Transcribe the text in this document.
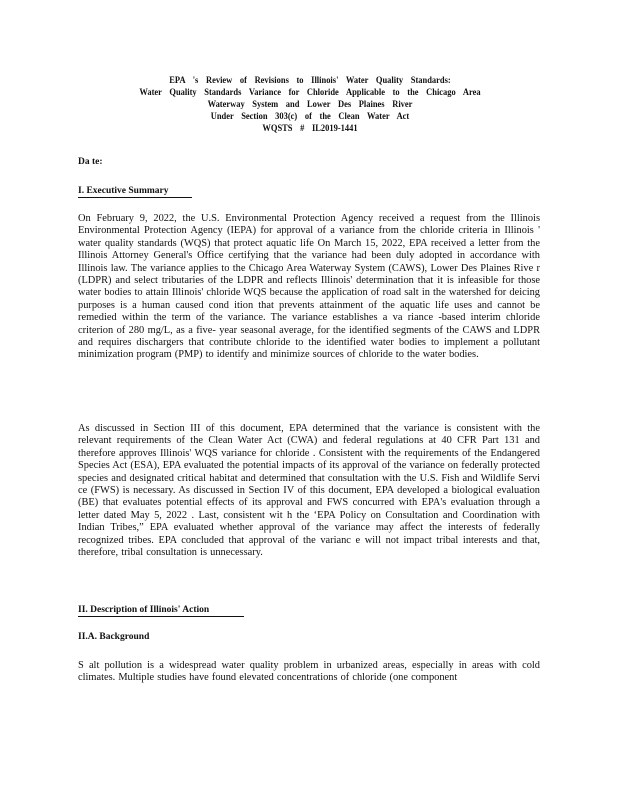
EPA 's Review of Revisions to Illinois' Water Quality Standards:
Water Quality Standards Variance for Chloride Applicable to the Chicago Area
Waterway System and Lower Des Plaines River
Under Section 303(c) of the Clean Water Act
WQSTS # IL2019-1441
Da te:
I. Executive Summary
On February 9, 2022, the U.S. Environmental Protection Agency received a request from the Illinois Environmental Protection Agency (IEPA) for approval of a variance from the chloride criteria in Illinois ' water quality standards (WQS) that protect aquatic life On March 15, 2022, EPA received a letter from the Illinois Attorney General's Office certifying that the variance had been duly adopted in accordance with Illinois law. The variance applies to the Chicago Area Waterway System (CAWS), Lower Des Plaines Rive r (LDPR) and select tributaries of the LDPR and reflects Illinois' determination that it is infeasible for those water bodies to attain Illinois' chloride WQS because the application of road salt in the watershed for deicing purposes is a human caused cond ition that prevents attainment of the aquatic life uses and cannot be remedied within the term of the variance. The variance establishes a va riance -based interim chloride criterion of 280 mg/L, as a five- year seasonal average, for the identified segments of the CAWS and LDPR and requires dischargers that contribute chloride to the identified water bodies to implement a pollutant minimization program (PMP) to identify and minimize sources of chloride to the water bodies.
As discussed in Section III of this document, EPA determined that the variance is consistent with the relevant requirements of the Clean Water Act (CWA) and federal regulations at 40 CFR Part 131 and therefore approves Illinois' WQS variance for chloride . Consistent with the requirements of the Endangered Species Act (ESA), EPA evaluated the potential impacts of its approval of the variance on federally protected species and designated critical habitat and determined that consultation with the U.S. Fish and Wildlife Servi ce (FWS) is necessary. As discussed in Section IV of this document, EPA developed a biological evaluation (BE) that evaluates potential effects of its approval and FWS concurred with EPA's evaluation through a letter dated May 5, 2022 . Last, consistent wit h the ‘EPA Policy on Consultation and Coordination with Indian Tribes,” EPA evaluated whether approval of the variance may affect the interests of federally recognized tribes. EPA concluded that approval of the varianc e will not impact tribal interests and that, therefore, tribal consultation is unnecessary.
II. Description of Illinois' Action
II.A. Background
S alt pollution is a widespread water quality problem in urbanized areas, especially in areas with cold climates. Multiple studies have found elevated concentrations of chloride (one component
